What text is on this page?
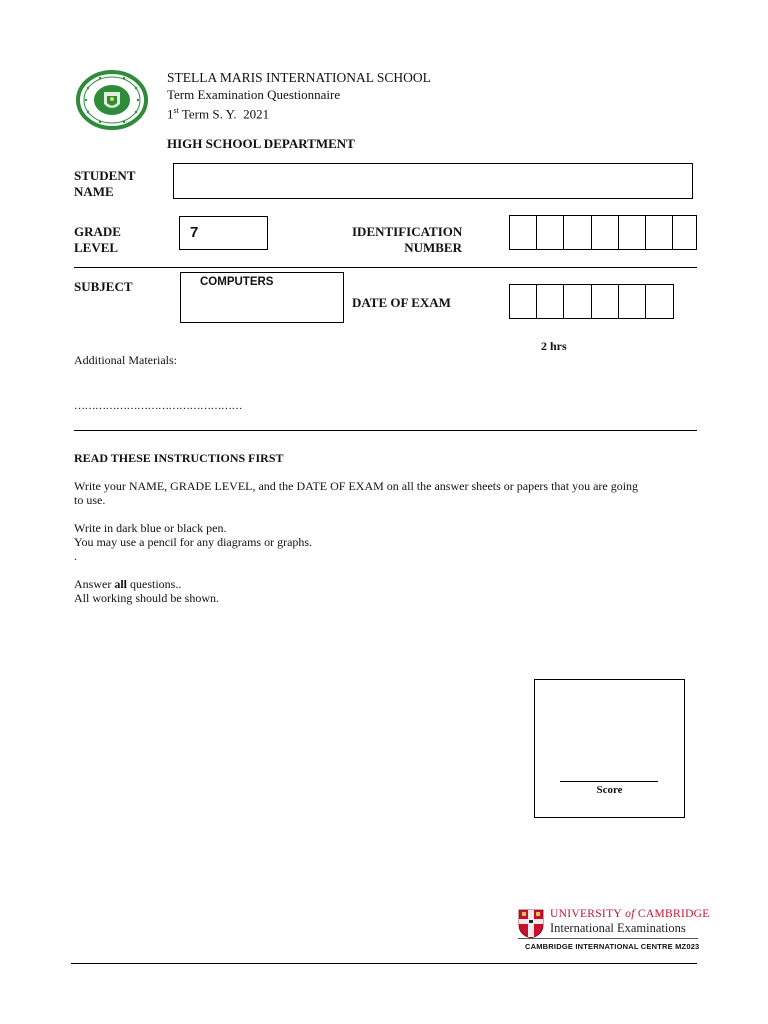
STELLA MARIS INTERNATIONAL SCHOOL
Term Examination Questionnaire
1st Term S. Y.  2021
HIGH SCHOOL DEPARTMENT
STUDENT
NAME
GRADE
LEVEL
7	IDENTIFICATION
NUMBER
SUBJECT	COMPUTERS
DATE OF EXAM
2 hrs
Additional Materials:
…………………………………………
READ THESE INSTRUCTIONS FIRST
Write your NAME, GRADE LEVEL, and the DATE OF EXAM on all the answer sheets or papers that you are going
to use.
Write in dark blue or black pen.
You may use a pencil for any diagrams or graphs.
.
Answer all questions..
All working should be shown.
Score
UNIVERSITY of CAMBRIDGE
International Examinations
CAMBRIDGE INTERNATIONAL CENTRE MZ023
